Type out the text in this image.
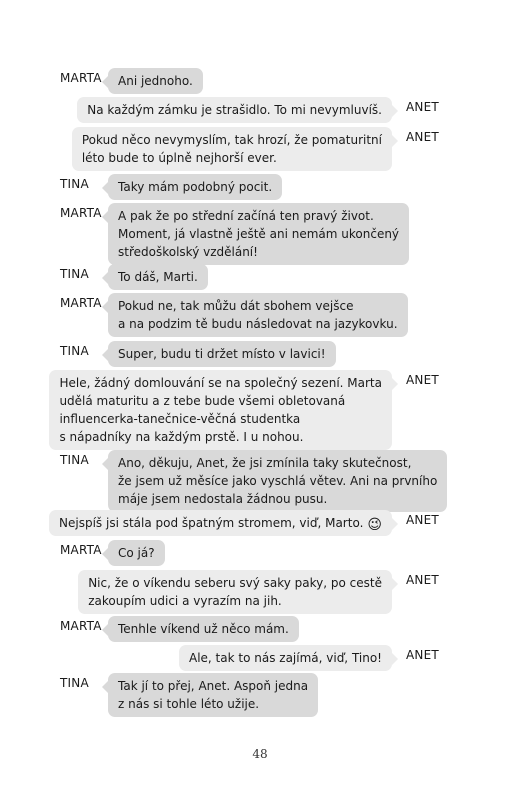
MARTA Ani jednoho.
ANET
Na každým zámku je strašidlo. To mi nevymluvíš.
ANET
Pokud něco nevymyslím, tak hrozí, že pomaturitní
léto bude to úplně nejhorší ever.
TINA Taky mám podobný pocit.
MARTA A pak že po střední začíná ten pravý život.
Moment, já vlastně ještě ani nemám ukončený
středoškolský vzdělání!
TINA To dáš, Marti.
MARTA Pokud ne, tak můžu dát sbohem vejšce
a na podzim tě budu následovat na jazykovku.
TINA Super, budu ti držet místo v lavici!
ANET
Hele, žádný domlouvání se na společný sezení. Marta
udělá maturitu a z tebe bude všemi obletovaná
influencerka-tanečnice-věčná studentka
s nápadníky na každým prstě. I u nohou.
TINA Ano, děkuju, Anet, že jsi zmínila taky skutečnost,
že jsem už měsíce jako vyschlá větev. Ani na prvního
máje jsem nedostala žádnou pusu.
ANET
Nejspíš jsi stála pod špatným stromem, viď, Marto. 😉
MARTA Co já?
ANET
Nic, že o víkendu seberu svý saky paky, po cestě
zakoupím udici a vyrazím na jih.
MARTA Tenhle víkend už něco mám.
ANET
Ale, tak to nás zajímá, viď, Tino!
TINA Tak jí to přej, Anet. Aspoň jedna
z nás si tohle léto užije.
48
